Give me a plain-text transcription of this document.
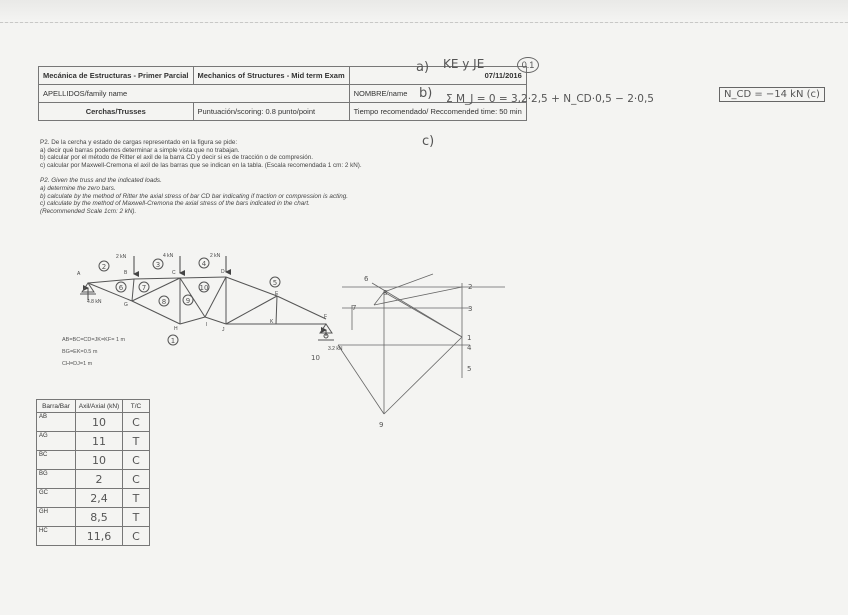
Mecánica de Estructuras - Primer Parcial	Mechanics of Structures - Mid term Exam	07/11/2016
APELLIDOS/family name		NOMBRE/name
Cerchas/Trusses	Puntuación/scoring: 0.8 punto/point	Tiempo recomendado/ Reccomended time: 50 min

P2. De la cercha y estado de cargas representado en la figura se pide:

a) decir qué barras podemos determinar a simple vista que no trabajan.

b) calcular por el método de Ritter el axil de la barra CD y decir si es de tracción o de compresión.

c) calcular por Maxwell-Cremona el axil de las barras que se indican en la tabla. (Escala recomendada 1 cm: 2 kN).

P2. Given the truss and the indicated loads.

a) determine the zero bars.

b) calculate by the method of Ritter the axial stress of bar CD bar indicating if traction or compression is acting.

c) calculate by the method of Maxwell-Cremona the axial stress of the bars indicated in the chart.

(Recommended Scale 1cm: 2 kN).

a) KE y JE	0.1
b) Σ M_J = 0 = 3,2·2,5 + N_CD·0,5 − 2·0,5	N_CD = −14 kN (c)
c)
AB=BC=CD=JK=KF= 1 m
BG=EK=0.5 m
CH=DJ=1 m
2 kN	4 kN	2 kN
4.8 kN
3.2 kN
A	B	C	D
E
F
G
H
I
J
K
2	3	4
5
6	7
8	9
10
1
6
7
8
2
3
1
4
5
9
10
Barra/Bar	Axil/Axial (kN)	T/C
AB	10	C
AG	11	T
BC	10	C
BG	2	C
GC	2,4	T
GH	8,5	T
HC	11,6	C
